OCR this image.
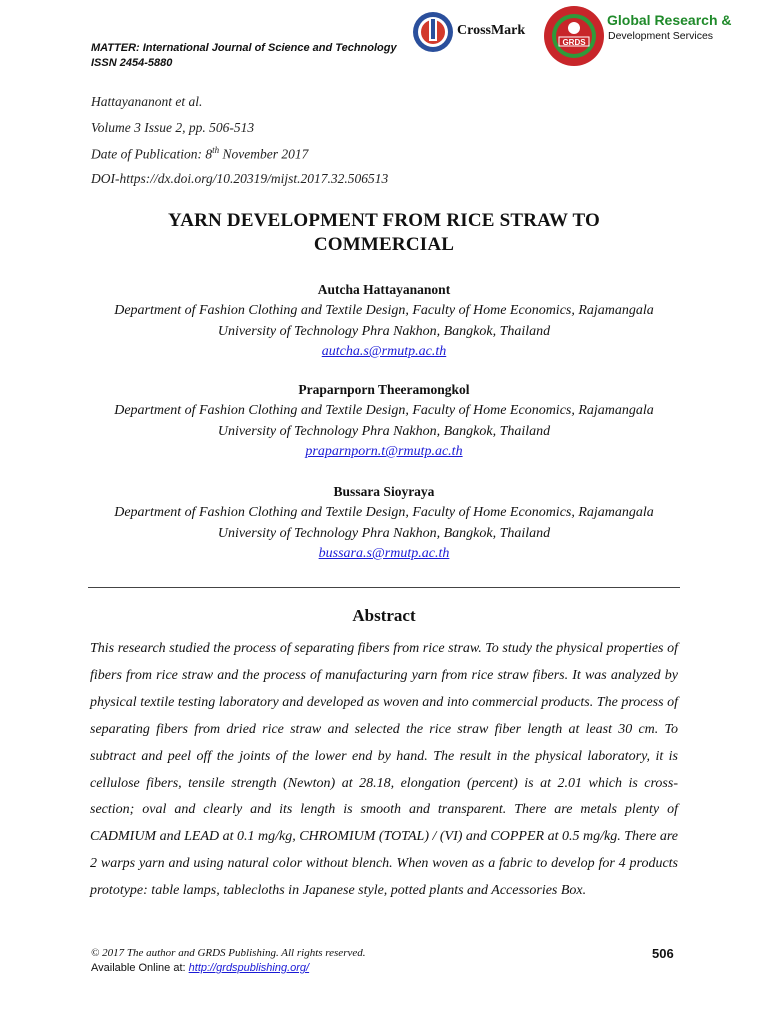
MATTER: International Journal of Science and Technology
ISSN 2454-5880
CrossMark
GRDS
Global Research &
Development Services
Hattayananont et al.
Volume 3 Issue 2, pp. 506-513
Date of Publication: 8th November 2017
DOI-https://dx.doi.org/10.20319/mijst.2017.32.506513
YARN DEVELOPMENT FROM RICE STRAW TO
COMMERCIAL
Autcha Hattayananont
Department of Fashion Clothing and Textile Design, Faculty of Home Economics, Rajamangala
University of Technology Phra Nakhon, Bangkok, Thailand
autcha.s@rmutp.ac.th
Praparnporn Theeramongkol
Department of Fashion Clothing and Textile Design, Faculty of Home Economics, Rajamangala
University of Technology Phra Nakhon, Bangkok, Thailand
praparnporn.t@rmutp.ac.th
Bussara Sioyraya
Department of Fashion Clothing and Textile Design, Faculty of Home Economics, Rajamangala
University of Technology Phra Nakhon, Bangkok, Thailand
bussara.s@rmutp.ac.th
Abstract
This research studied the process of separating fibers from rice straw. To study the physical properties of fibers from rice straw and the process of manufacturing yarn from rice straw fibers. It was analyzed by physical textile testing laboratory and developed as woven and into commercial products. The process of separating fibers from dried rice straw and selected the rice straw fiber length at least 30 cm. To subtract and peel off the joints of the lower end by hand. The result in the physical laboratory, it is cellulose fibers, tensile strength (Newton) at 28.18, elongation (percent) is at 2.01 which is cross-section; oval and clearly and its length is smooth and transparent. There are metals plenty of CADMIUM and LEAD at 0.1 mg/kg, CHROMIUM (TOTAL) / (VI) and COPPER at 0.5 mg/kg. There are 2 warps yarn and using natural color without blench. When woven as a fabric to develop for 4 products prototype: table lamps, tablecloths in Japanese style, potted plants and Accessories Box.
© 2017 The author and GRDS Publishing. All rights reserved.
Available Online at: http://grdspublishing.org/
506
